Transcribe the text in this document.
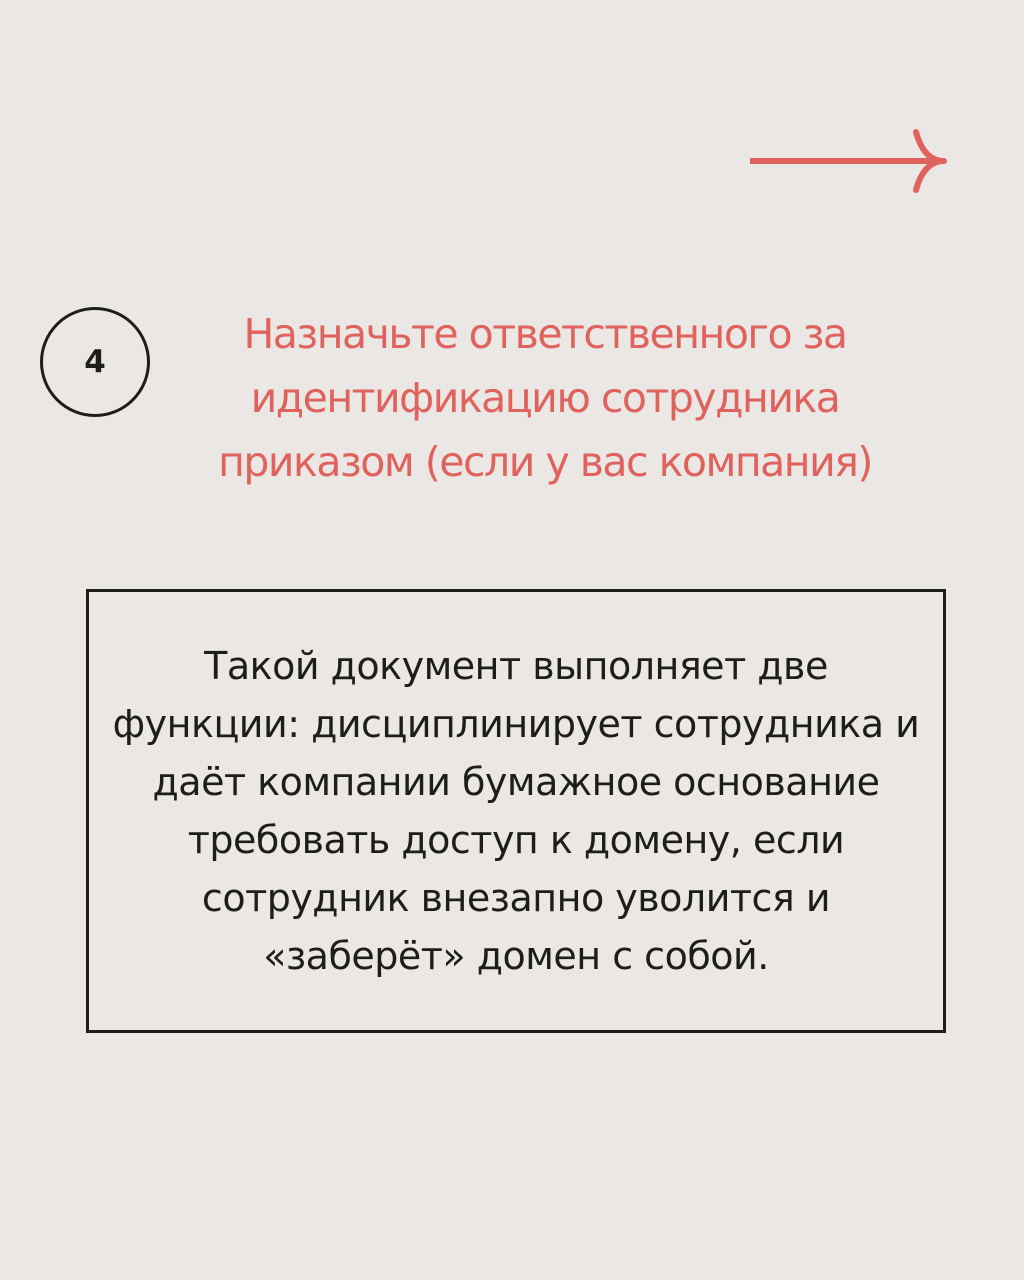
4
Назначьте ответственного за идентификацию сотрудника приказом (если у вас компания)

Такой документ выполняет две функции: дисциплинирует сотрудника и даёт компании бумажное основание требовать доступ к домену, если сотрудник внезапно уволится и «заберёт» домен с собой.
